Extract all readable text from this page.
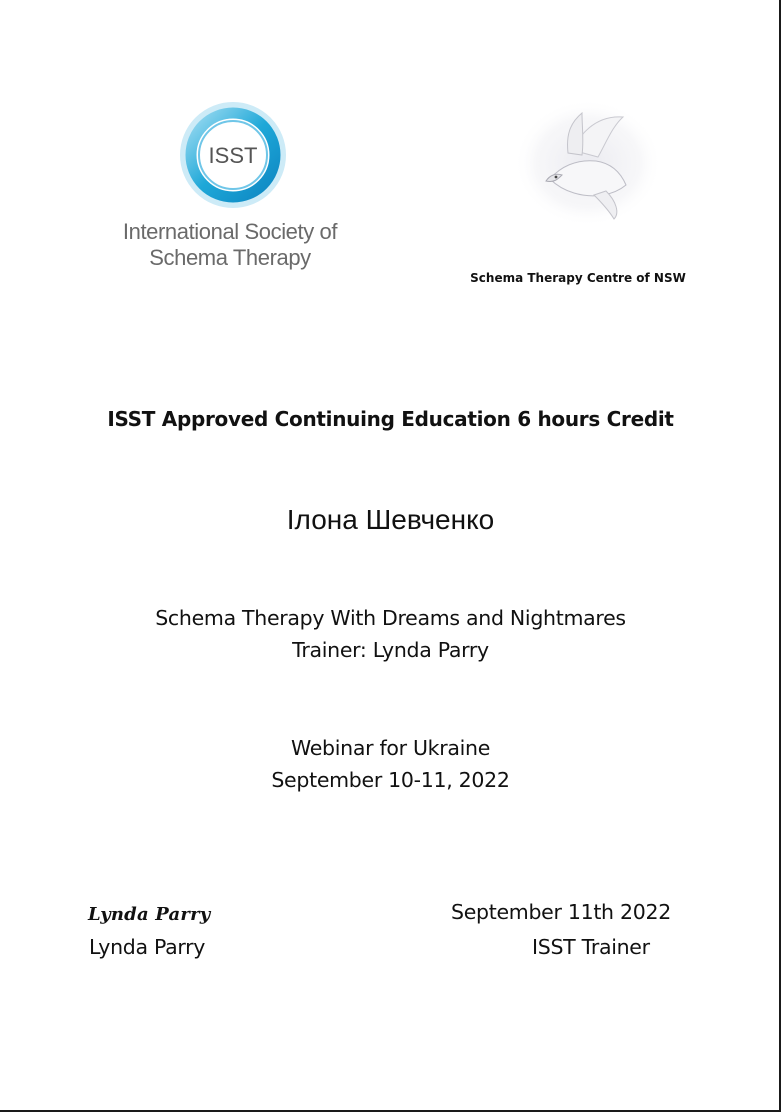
ISST
International Society of
Schema Therapy
Schema Therapy Centre of NSW
ISST Approved Continuing Education 6 hours Credit
Ілона Шевченко
Schema Therapy With Dreams and Nightmares
Trainer: Lynda Parry
Webinar for Ukraine
September 10-11, 2022
Lynda Parry
Lynda Parry
September 11th 2022
ISST Trainer
